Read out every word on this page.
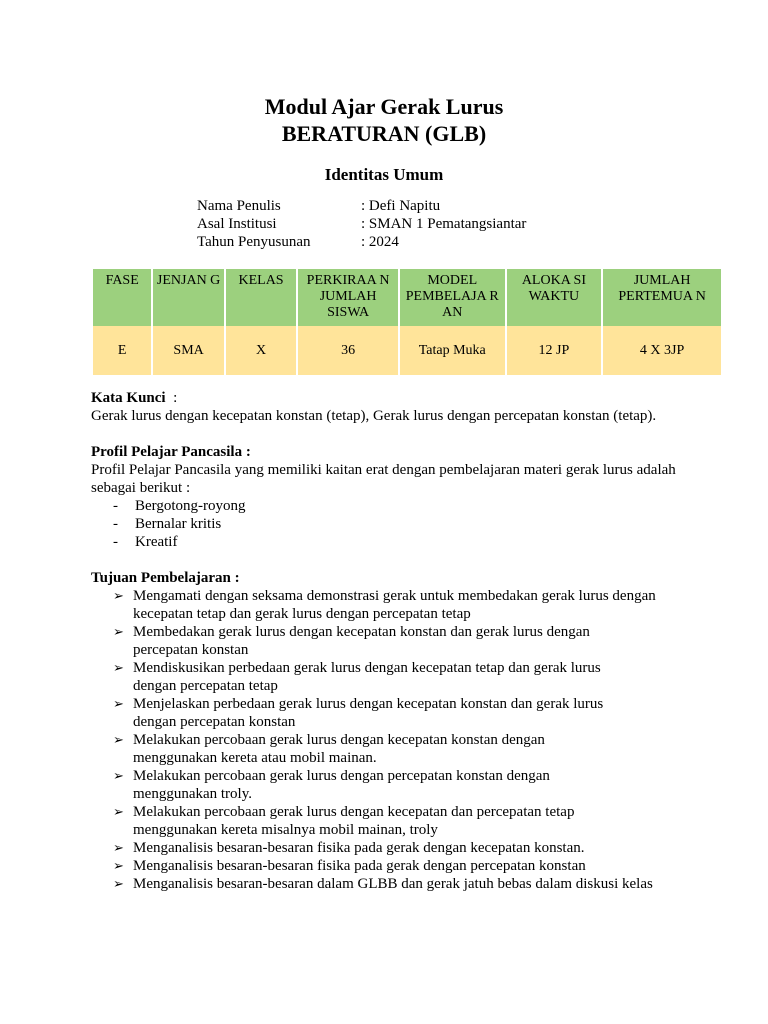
Modul Ajar Gerak Lurus
BERATURAN (GLB)
Identitas Umum
Nama Penulis	: Defi Napitu
Asal Institusi	: SMAN 1 Pematangsiantar
Tahun Penyusunan	: 2024
FASE	JENJAN G	KELAS	PERKIRAA N JUMLAH SISWA	MODEL PEMBELAJA R AN	ALOKA SI WAKTU	JUMLAH PERTEMUA N
E	SMA	X	36	Tatap Muka	12 JP	4 X 3JP
Kata Kunci :
Gerak lurus dengan kecepatan konstan (tetap), Gerak lurus dengan percepatan konstan (tetap).
Profil Pelajar Pancasila :
Profil Pelajar Pancasila yang memiliki kaitan erat dengan pembelajaran materi gerak lurus adalah
sebagai berikut :
-	Bergotong-royong
-	Bernalar kritis
-	Kreatif
Tujuan Pembelajaran :
➢ Mengamati dengan seksama demonstrasi gerak untuk membedakan gerak lurus dengan
kecepatan tetap dan gerak lurus dengan percepatan tetap
➢ Membedakan gerak lurus dengan kecepatan konstan dan gerak lurus dengan
percepatan konstan
➢ Mendiskusikan perbedaan gerak lurus dengan kecepatan tetap dan gerak lurus
dengan percepatan tetap
➢ Menjelaskan perbedaan gerak lurus dengan kecepatan konstan dan gerak lurus
dengan percepatan konstan
➢ Melakukan percobaan gerak lurus dengan kecepatan konstan dengan
menggunakan kereta atau mobil mainan.
➢ Melakukan percobaan gerak lurus dengan percepatan konstan dengan
menggunakan troly.
➢ Melakukan percobaan gerak lurus dengan kecepatan dan percepatan tetap
menggunakan kereta misalnya mobil mainan, troly
➢ Menganalisis besaran-besaran fisika pada gerak dengan kecepatan konstan.
➢ Menganalisis besaran-besaran fisika pada gerak dengan percepatan konstan
➢ Menganalisis besaran-besaran dalam GLBB dan gerak jatuh bebas dalam diskusi kelas
